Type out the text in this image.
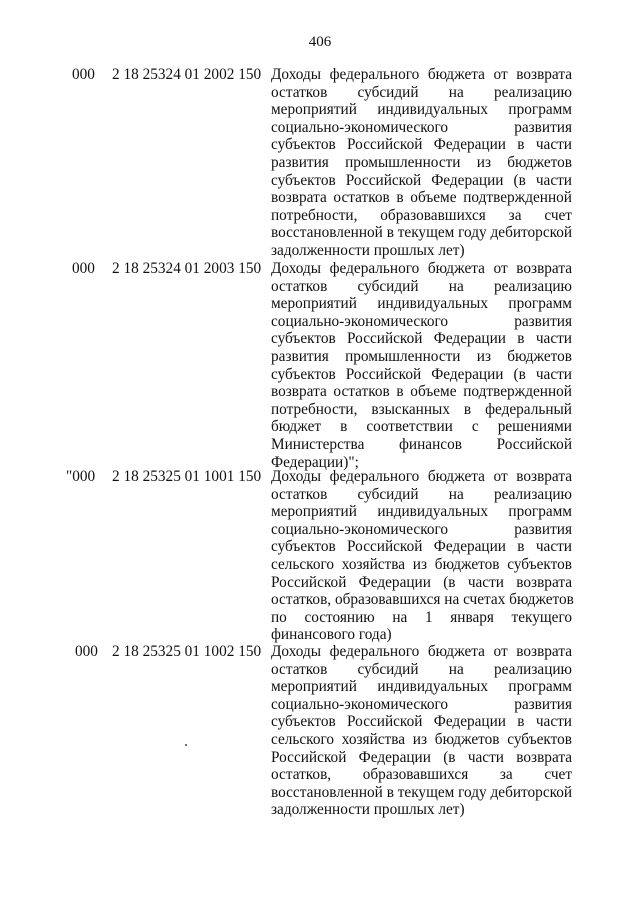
406
000 2 18 25324 01 2002 150 Доходы федерального бюджета от возврата
остатков субсидий на реализацию
мероприятий индивидуальных программ
социально-экономического развития
субъектов Российской Федерации в части
развития промышленности из бюджетов
субъектов Российской Федерации (в части
возврата остатков в объеме подтвержденной
потребности, образовавшихся за счет
восстановленной в текущем году дебиторской
задолженности прошлых лет)
000 2 18 25324 01 2003 150 Доходы федерального бюджета от возврата
остатков субсидий на реализацию
мероприятий индивидуальных программ
социально-экономического развития
субъектов Российской Федерации в части
развития промышленности из бюджетов
субъектов Российской Федерации (в части
возврата остатков в объеме подтвержденной
потребности, взысканных в федеральный
бюджет в соответствии с решениями
Министерства финансов Российской
Федерации)";
"000 2 18 25325 01 1001 150 Доходы федерального бюджета от возврата
остатков субсидий на реализацию
мероприятий индивидуальных программ
социально-экономического развития
субъектов Российской Федерации в части
сельского хозяйства из бюджетов субъектов
Российской Федерации (в части возврата
остатков, образовавшихся на счетах бюджетов
по состоянию на 1 января текущего
финансового года)
000 2 18 25325 01 1002 150 Доходы федерального бюджета от возврата
остатков субсидий на реализацию
мероприятий индивидуальных программ
социально-экономического развития
субъектов Российской Федерации в части
сельского хозяйства из бюджетов субъектов
Российской Федерации (в части возврата
остатков, образовавшихся за счет
восстановленной в текущем году дебиторской
задолженности прошлых лет)
